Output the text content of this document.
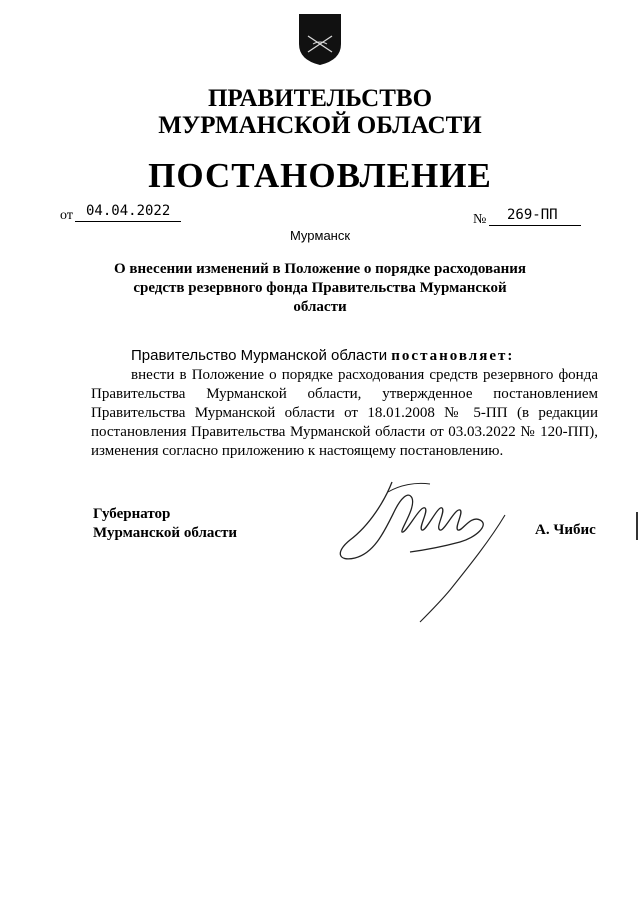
ПРАВИТЕЛЬСТВО
МУРМАНСКОЙ ОБЛАСТИ
ПОСТАНОВЛЕНИЕ
от 04.04.2022
№	269-ПП
Мурманск
О внесении изменений в Положение о порядке расходования средств резервного фонда Правительства Мурманской области
Правительство Мурманской области постановляет:
внести в Положение о порядке расходования средств резервного фонда Правительства Мурманской области, утвержденное постановлением Правительства Мурманской области от 18.01.2008 № 5-ПП (в редакции постановления Правительства Мурманской области от 03.03.2022 № 120-ПП), изменения согласно приложению к настоящему постановлению.
Губернатор
Мурманской области	А. Чибис
